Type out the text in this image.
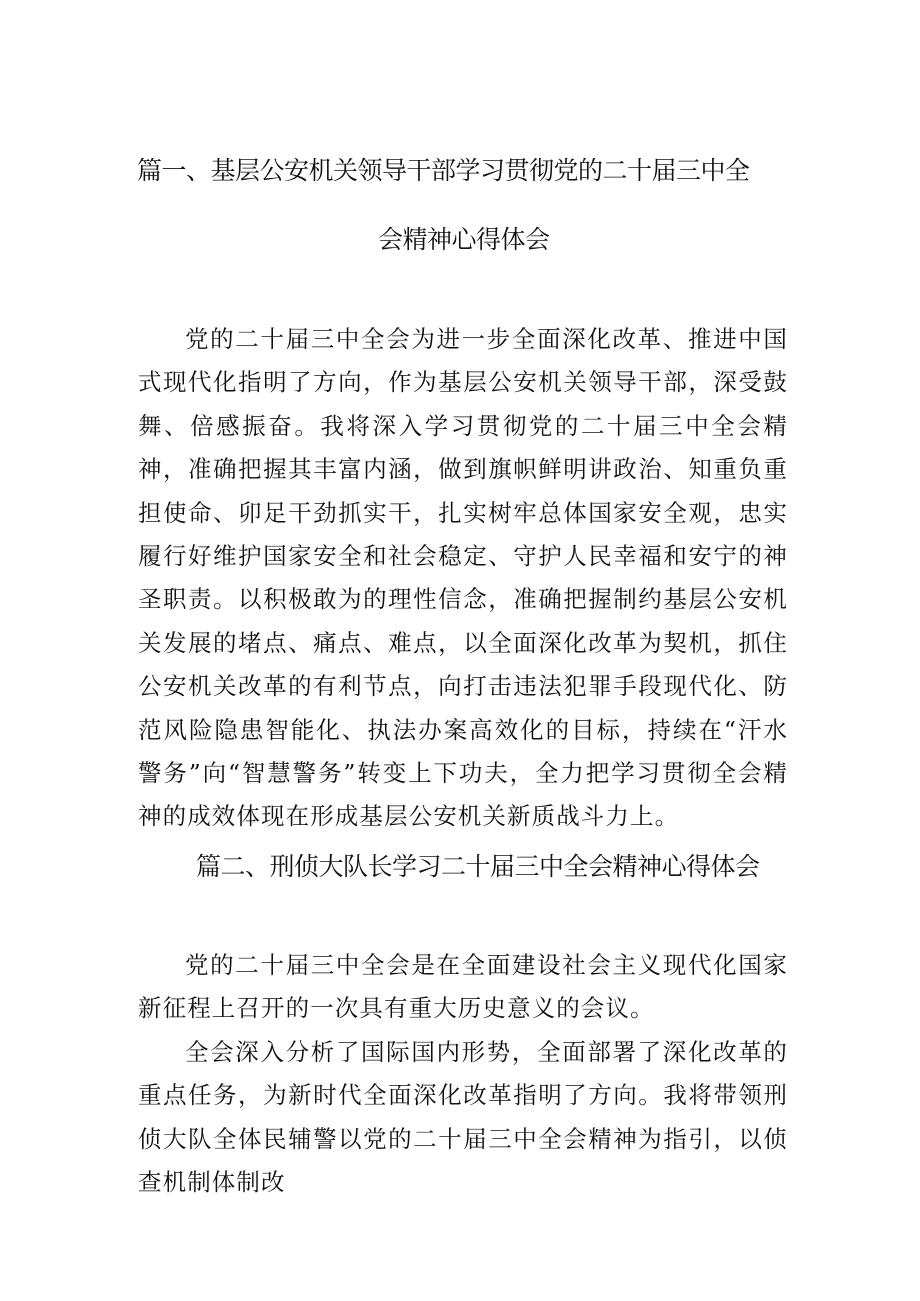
篇一、基层公安机关领导干部学习贯彻党的二十届三中全
会精神心得体会

党的二十届三中全会为进一步全面深化改革、推进中国式现代化指明了方向，作为基层公安机关领导干部，深受鼓舞、倍感振奋。我将深入学习贯彻党的二十届三中全会精神，准确把握其丰富内涵，做到旗帜鲜明讲政治、知重负重担使命、卯足干劲抓实干，扎实树牢总体国家安全观，忠实履行好维护国家安全和社会稳定、守护人民幸福和安宁的神圣职责。以积极敢为的理性信念，准确把握制约基层公安机关发展的堵点、痛点、难点，以全面深化改革为契机，抓住公安机关改革的有利节点，向打击违法犯罪手段现代化、防范风险隐患智能化、执法办案高效化的目标，持续在“汗水警务”向“智慧警务”转变上下功夫，全力把学习贯彻全会精神的成效体现在形成基层公安机关新质战斗力上。

篇二、刑侦大队长学习二十届三中全会精神心得体会

党的二十届三中全会是在全面建设社会主义现代化国家新征程上召开的一次具有重大历史意义的会议。

全会深入分析了国际国内形势，全面部署了深化改革的重点任务，为新时代全面深化改革指明了方向。我将带领刑侦大队全体民辅警以党的二十届三中全会精神为指引，以侦查机制体制改
